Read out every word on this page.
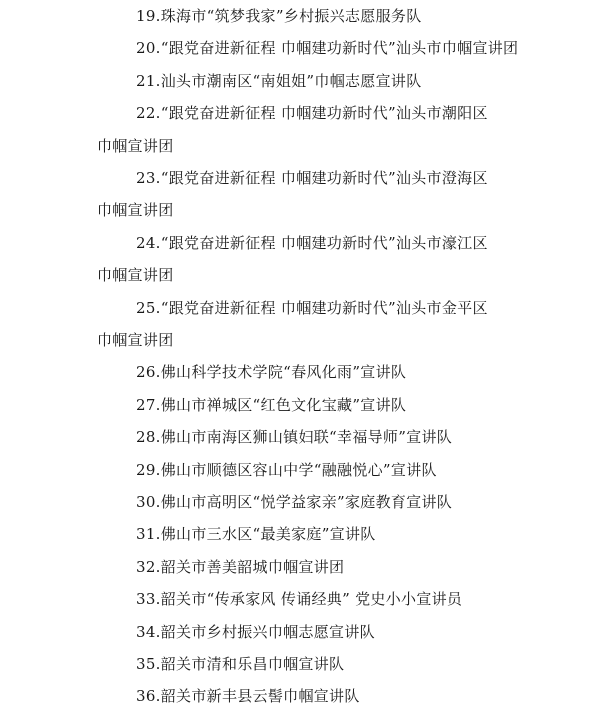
19.珠海市“筑梦我家”乡村振兴志愿服务队
20.“跟党奋进新征程 巾帼建功新时代”汕头市巾帼宣讲团
21.汕头市潮南区“南姐姐”巾帼志愿宣讲队
22.“跟党奋进新征程 巾帼建功新时代”汕头市潮阳区
巾帼宣讲团
23.“跟党奋进新征程 巾帼建功新时代”汕头市澄海区
巾帼宣讲团
24.“跟党奋进新征程 巾帼建功新时代”汕头市濠江区
巾帼宣讲团
25.“跟党奋进新征程 巾帼建功新时代”汕头市金平区
巾帼宣讲团
26.佛山科学技术学院“春风化雨”宣讲队
27.佛山市禅城区“红色文化宝藏”宣讲队
28.佛山市南海区狮山镇妇联“幸福导师”宣讲队
29.佛山市顺德区容山中学“融融悦心”宣讲队
30.佛山市高明区“悦学益家亲”家庭教育宣讲队
31.佛山市三水区“最美家庭”宣讲队
32.韶关市善美韶城巾帼宣讲团
33.韶关市“传承家风 传诵经典” 党史小小宣讲员
34.韶关市乡村振兴巾帼志愿宣讲队
35.韶关市清和乐昌巾帼宣讲队
36.韶关市新丰县云髻巾帼宣讲队
